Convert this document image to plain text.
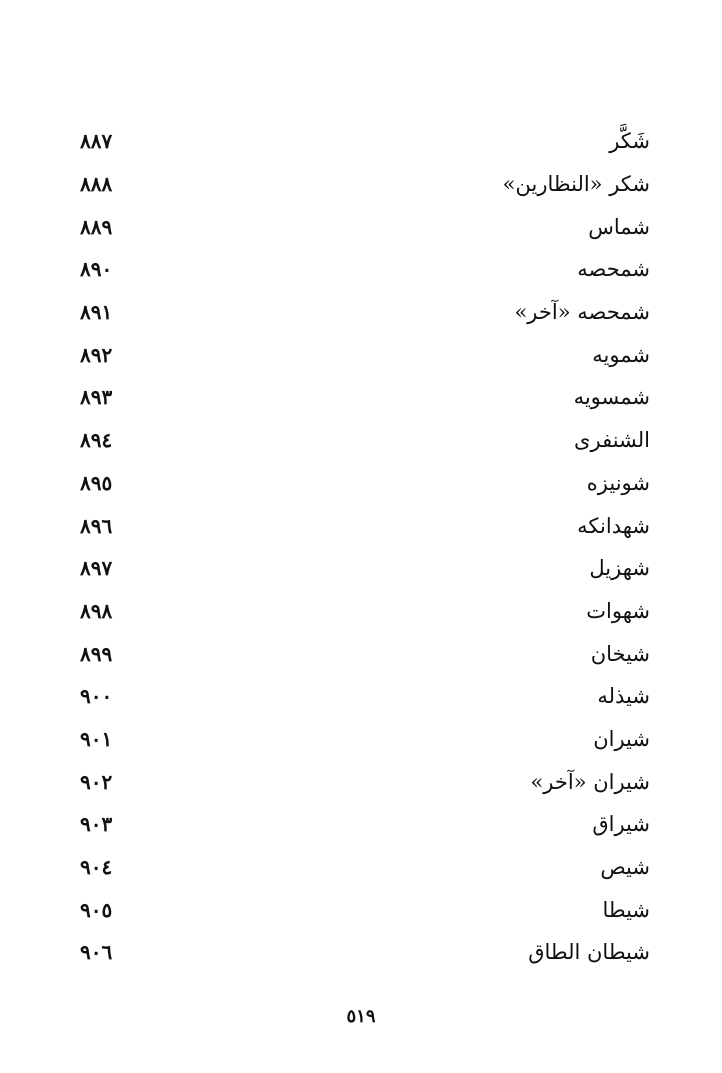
شَكَّر
٨٨٧
شكر «النظارين»
٨٨٨
شماس
٨٨٩
شمحصه
٨٩٠
شمحصه «آخر»
٨٩١
شمويه
٨٩٢
شمسويه
٨٩٣
الشنفرى
٨٩٤
شونيزه
٨٩٥
شهدانكه
٨٩٦
شهزيل
٨٩٧
شهوات
٨٩٨
شيخان
٨٩٩
شيذله
٩٠٠
شيران
٩٠١
شيران «آخر»
٩٠٢
شيراق
٩٠٣
شيص
٩٠٤
شيطا
٩٠٥
شيطان الطاق
٩٠٦
٥١٩
